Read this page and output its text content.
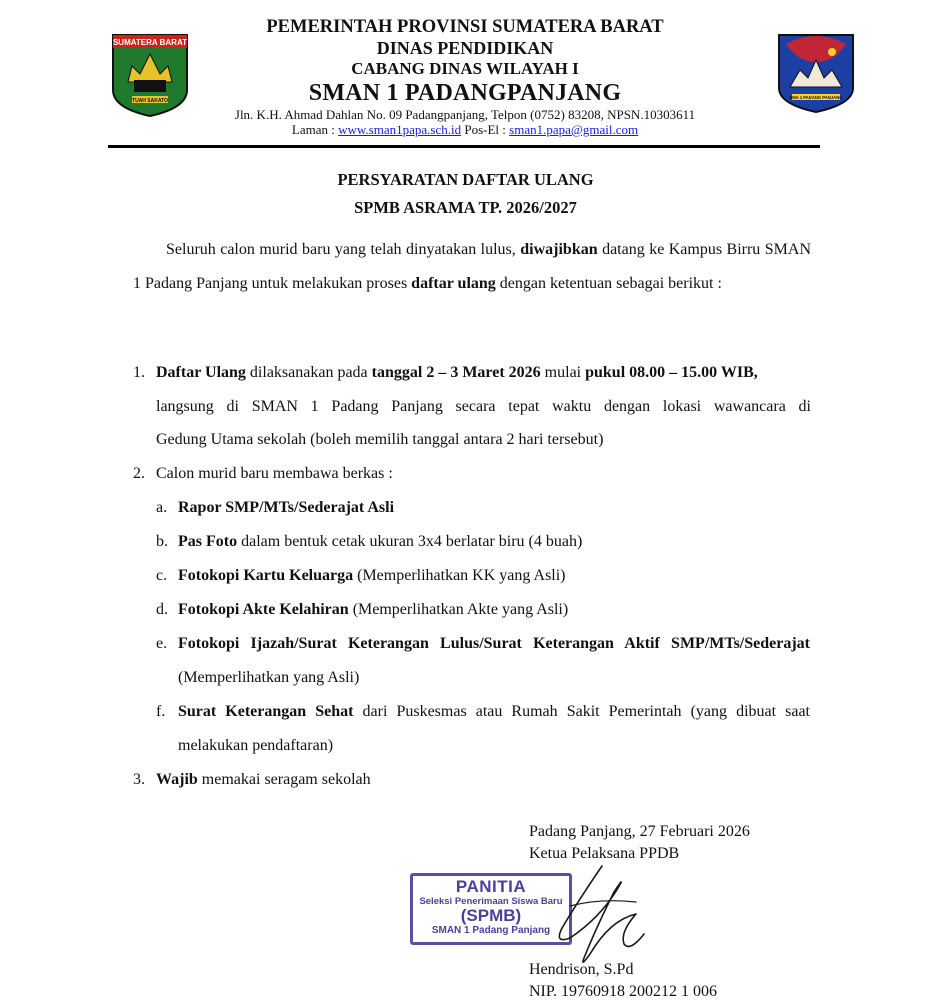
SUMATERA BARAT
TUAH SAKATO
PEMERINTAH PROVINSI SUMATERA BARAT
DINAS PENDIDIKAN
CABANG DINAS WILAYAH I
SMAN 1 PADANGPANJANG
Jln. K.H. Ahmad Dahlan No. 09 Padangpanjang, Telpon (0752) 83208, NPSN.10303611
Laman : www.sman1papa.sch.id Pos-El : sman1.papa@gmail.com
SMA 1 PADANG PANJANG
PERSYARATAN DAFTAR ULANG
SPMB ASRAMA TP. 2026/2027
Seluruh calon murid baru yang telah dinyatakan lulus, diwajibkan datang ke Kampus Birru SMAN 1 Padang Panjang untuk melakukan proses daftar ulang dengan ketentuan sebagai berikut :
1. Daftar Ulang dilaksanakan pada tanggal 2 – 3 Maret 2026 mulai pukul 08.00 – 15.00 WIB,
langsung di SMAN 1 Padang Panjang secara tepat waktu dengan lokasi wawancara di
Gedung Utama sekolah (boleh memilih tanggal antara 2 hari tersebut)
2. Calon murid baru membawa berkas :
a. Rapor SMP/MTs/Sederajat Asli
b. Pas Foto dalam bentuk cetak ukuran 3x4 berlatar biru (4 buah)
c. Fotokopi Kartu Keluarga (Memperlihatkan KK yang Asli)
d. Fotokopi Akte Kelahiran (Memperlihatkan Akte yang Asli)
e. Fotokopi Ijazah/Surat Keterangan Lulus/Surat Keterangan Aktif SMP/MTs/Sederajat
(Memperlihatkan yang Asli)
f. Surat Keterangan Sehat dari Puskesmas atau Rumah Sakit Pemerintah (yang dibuat saat
melakukan pendaftaran)
3. Wajib memakai seragam sekolah
Padang Panjang, 27 Februari 2026
Ketua Pelaksana PPDB
PANITIA
Seleksi Penerimaan Siswa Baru
(SPMB)
SMAN 1 Padang Panjang
Hendrison, S.Pd
NIP. 19760918 200212 1 006
